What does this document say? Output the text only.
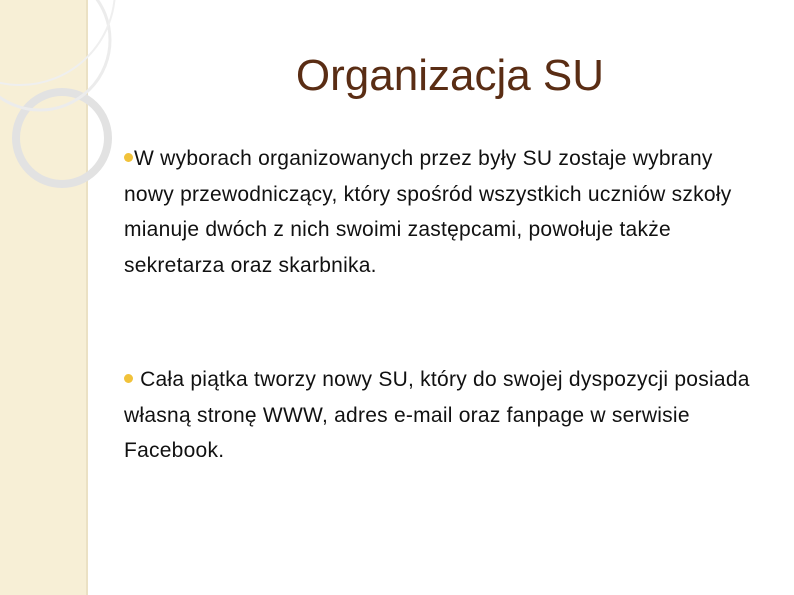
Organizacja SU
W wyborach organizowanych przez były SU zostaje wybrany nowy przewodniczący, który spośród wszystkich uczniów szkoły mianuje dwóch z nich swoimi zastępcami, powołuje także sekretarza oraz skarbnika.
Cała piątka tworzy nowy SU, który do swojej dyspozycji posiada własną stronę WWW, adres e-mail oraz fanpage w serwisie Facebook.
